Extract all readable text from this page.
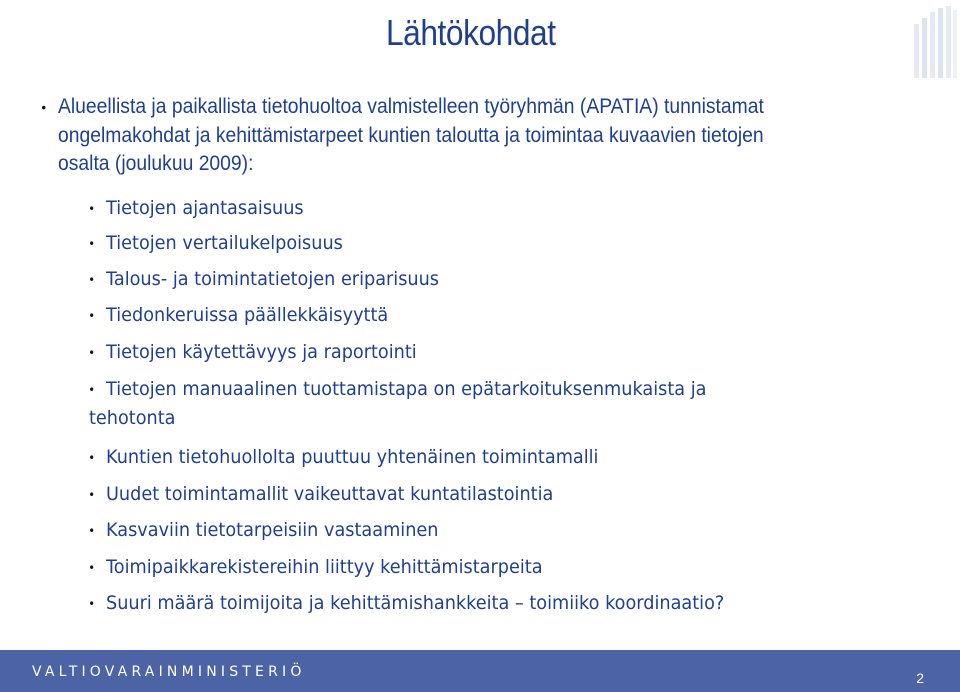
Lähtökohdat
• Alueellista ja paikallista tietohuoltoa valmistelleen työryhmän (APATIA) tunnistamat ongelmakohdat ja kehittämistarpeet kuntien taloutta ja toimintaa kuvaavien tietojen osalta (joulukuu 2009):
• Tietojen ajantasaisuus
• Tietojen vertailukelpoisuus
• Talous- ja toimintatietojen eriparisuus
• Tiedonkeruissa päällekkäisyyttä
• Tietojen käytettävyys ja raportointi
• Tietojen manuaalinen tuottamistapa on epätarkoituksenmukaista ja
tehotonta
• Kuntien tietohuollolta puuttuu yhtenäinen toimintamalli
• Uudet toimintamallit vaikeuttavat kuntatilastointia
• Kasvaviin tietotarpeisiin vastaaminen
• Toimipaikkarekistereihin liittyy kehittämistarpeita
• Suuri määrä toimijoita ja kehittämishankkeita – toimiiko koordinaatio?
VALTIOVARAINMINISTERIÖ	2
